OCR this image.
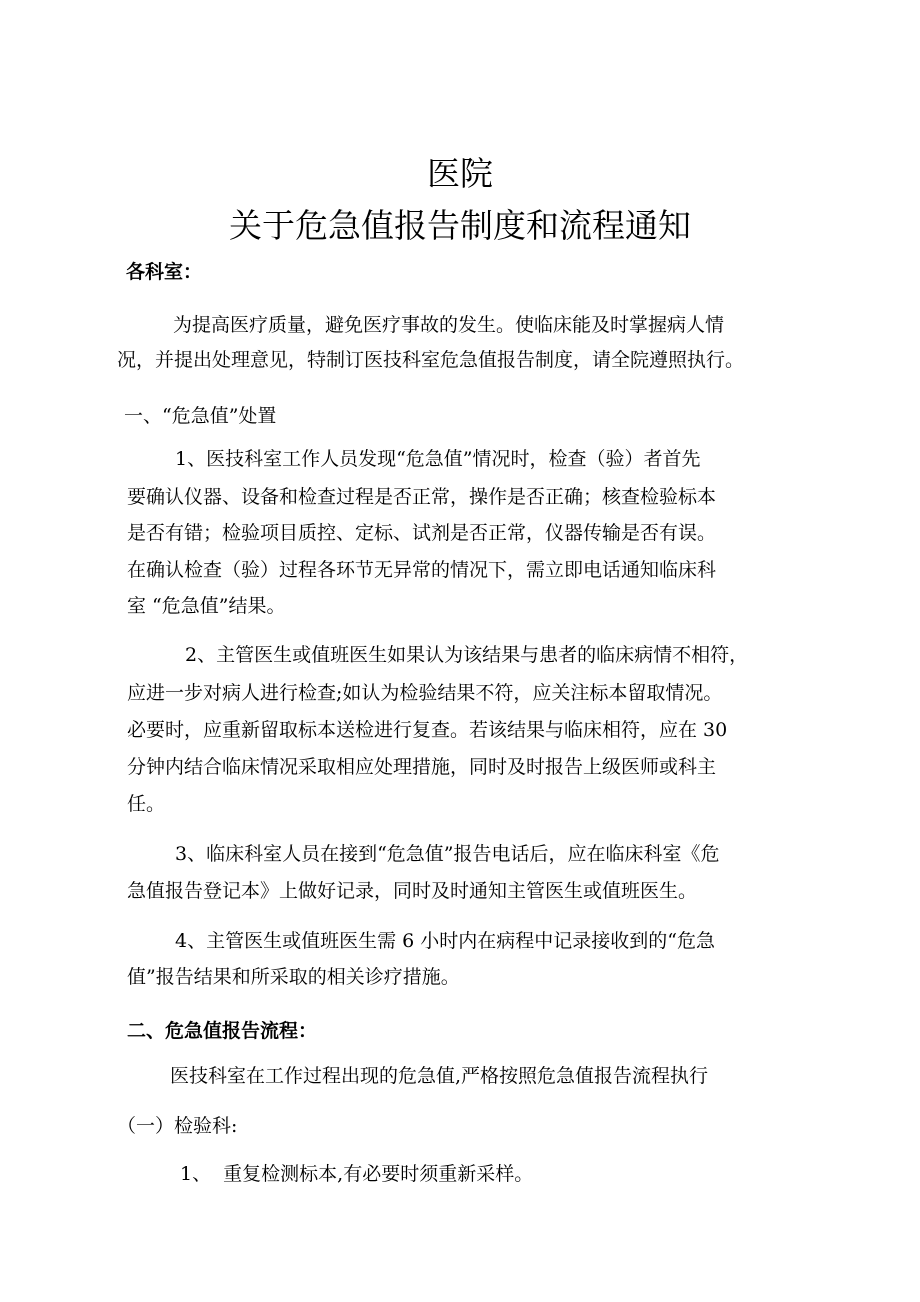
医院
关于危急值报告制度和流程通知
各科室：
为提高医疗质量，避免医疗事故的发生。使临床能及时掌握病人情
况，并提出处理意见，特制订医技科室危急值报告制度，请全院遵照执行。
一、“危急值”处置
1、医技科室工作人员发现“危急值”情况时，检查（验）者首先
要确认仪器、设备和检查过程是否正常，操作是否正确；核查检验标本
是否有错；检验项目质控、定标、试剂是否正常，仪器传输是否有误。
在确认检查（验）过程各环节无异常的情况下，需立即电话通知临床科
室 “危急值”结果。
2、主管医生或值班医生如果认为该结果与患者的临床病情不相符，
应进一步对病人进行检查;如认为检验结果不符，应关注标本留取情况。
必要时，应重新留取标本送检进行复查。若该结果与临床相符，应在 30
分钟内结合临床情况采取相应处理措施，同时及时报告上级医师或科主
任。
3、临床科室人员在接到“危急值”报告电话后，应在临床科室《危
急值报告登记本》上做好记录，同时及时通知主管医生或值班医生。
4、主管医生或值班医生需 6 小时内在病程中记录接收到的“危急
值”报告结果和所采取的相关诊疗措施。
二、危急值报告流程：
医技科室在工作过程出现的危急值,严格按照危急值报告流程执行
（一）检验科:
1、  重复检测标本,有必要时须重新采样。
